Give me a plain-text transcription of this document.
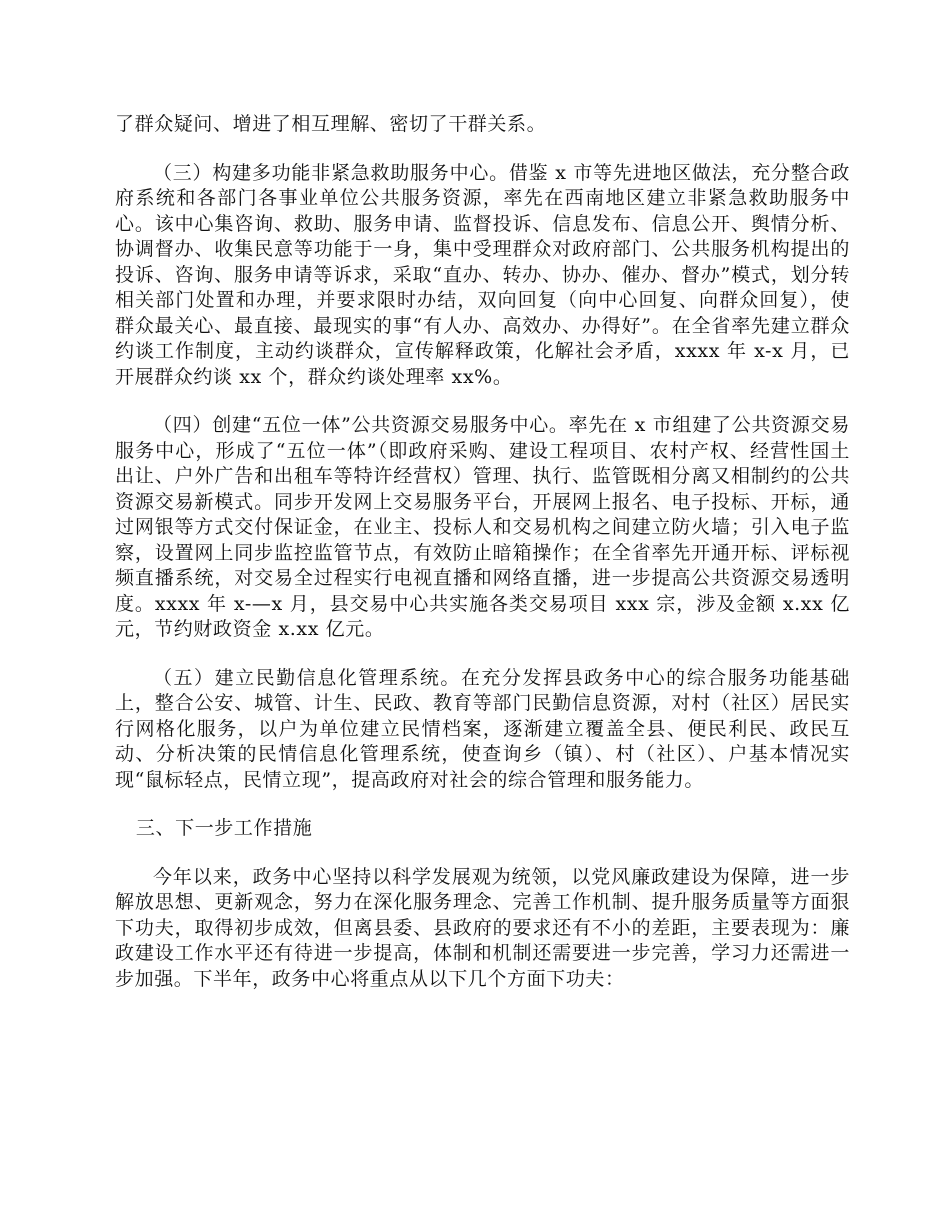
了群众疑问、增进了相互理解、密切了干群关系。

（三）构建多功能非紧急救助服务中心。借鉴 x 市等先进地区做法，充分整合政府系统和各部门各事业单位公共服务资源，率先在西南地区建立非紧急救助服务中心。该中心集咨询、救助、服务申请、监督投诉、信息发布、信息公开、舆情分析、协调督办、收集民意等功能于一身，集中受理群众对政府部门、公共服务机构提出的投诉、咨询、服务申请等诉求，采取“直办、转办、协办、催办、督办”模式，划分转相关部门处置和办理，并要求限时办结，双向回复（向中心回复、向群众回复），使群众最关心、最直接、最现实的事“有人办、高效办、办得好”。在全省率先建立群众约谈工作制度，主动约谈群众，宣传解释政策，化解社会矛盾，xxxx 年 x-x 月，已开展群众约谈 xx 个，群众约谈处理率 xx%。

（四）创建“五位一体”公共资源交易服务中心。率先在 x 市组建了公共资源交易服务中心，形成了“五位一体”（即政府采购、建设工程项目、农村产权、经营性国土出让、户外广告和出租车等特许经营权）管理、执行、监管既相分离又相制约的公共资源交易新模式。同步开发网上交易服务平台，开展网上报名、电子投标、开标，通过网银等方式交付保证金，在业主、投标人和交易机构之间建立防火墙；引入电子监察，设置网上同步监控监管节点，有效防止暗箱操作；在全省率先开通开标、评标视频直播系统，对交易全过程实行电视直播和网络直播，进一步提高公共资源交易透明度。xxxx 年 x-—x 月，县交易中心共实施各类交易项目 xxx 宗，涉及金额 x.xx 亿元，节约财政资金 x.xx 亿元。

（五）建立民勤信息化管理系统。在充分发挥县政务中心的综合服务功能基础上，整合公安、城管、计生、民政、教育等部门民勤信息资源，对村（社区）居民实行网格化服务，以户为单位建立民情档案，逐渐建立覆盖全县、便民利民、政民互动、分析决策的民情信息化管理系统，使查询乡（镇）、村（社区）、户基本情况实现“鼠标轻点，民情立现”，提高政府对社会的综合管理和服务能力。

三、下一步工作措施

今年以来，政务中心坚持以科学发展观为统领，以党风廉政建设为保障，进一步解放思想、更新观念，努力在深化服务理念、完善工作机制、提升服务质量等方面狠下功夫，取得初步成效，但离县委、县政府的要求还有不小的差距，主要表现为：廉政建设工作水平还有待进一步提高，体制和机制还需要进一步完善，学习力还需进一步加强。下半年，政务中心将重点从以下几个方面下功夫：
